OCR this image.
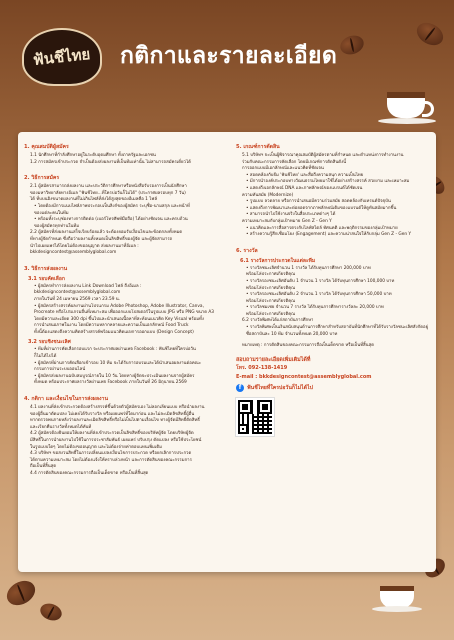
ฟันชีไทย กติกาและรายละเอียด
1. คุณสมบัติผู้สมัคร
1.1 นักศึกษาที่กำลังศึกษาอยู่ในระดับอุดมศึกษา ทั้งภาครัฐและเอกชน
1.2 การสมัครเข้าประกวด จำเป็นต้องส่งผลงานที่เป็นทีมเท่านั้น ไม่สามารถสมัครเดี่ยวได้
2. วิธีการสมัคร
2.1 ผู้สมัครสามารถส่งผลงาน และประวัติการศึกษาหรือหนังสือรับรองการเป็นนักศึกษา
ของมหาวิทยาลัยทางอีเมล "ฟันชีไทย...ที่ใครบ่อวันก็ไม่ได้" (ประกาศผลรอบทุก 7 วัน)
ได้ ที่บบนอิงขนาดผลงานที่ไม่เกินไฟล์ที่ส่งได้สูงสุดของอีเมลคือ 1 ไฟล์
• โดยต้องมีการแนบไฟล์ภาพประกอบเป็นลิงก์ของผู้สมัคร ระบุชื่อ-นามสกุล และหน้าที่
ของแต่ละคนในทีม
• พร้อมทั้งระบุช่องทางการติดต่อ (เบอร์โทรศัพท์มือถือ) ได้อย่างชัดเจน และครบถ้วน
ของผู้สมัครทุกท่านในทีม
2.2 ผู้สมัครที่ส่งผลงานเสร็จเรียบร้อยแล้ว จะต้องยอมรับเงื่อนไขและข้อตกลงทั้งหมด
ที่ทางผู้จัดกำหนด ซึ่งถือว่าผลงานทั้งหมดเป็นลิขสิทธิ์ของผู้จัด และผู้จัดสามารถ
นำไปเผยแพร่ได้โดยไม่ต้องขออนุญาต ส่งผลงานมาที่อีเมล : bkkdesigncontest@assemblyglobal.com
3. วิธีการส่งผลงาน
3.1 รอบคัดเลือก
• ผู้สมัครทำการส่งผลงาน Link Download ไฟล์ ถึงอีเมล : bkkdesigncontest@assemblyglobal.com
ภายในวันที่ 24 เมษายน 2569 เวลา 23.59 น.
• ผู้สมัครสร้างสรรค์ผลงานผ่านโปรแกรม Adobe Photoshop, Adobe Illustrator, Canva,
Procreate หรือโปรแกรมอื่นที่เหมาะสม เพื่อออกแบบโปสเตอร์ในรูปแบบ JPG หรือ PNG ขนาด A3
โดยมีความละเอียด 300 dpi ขึ้นไปและนำเสนอเนื้อหาที่สะท้อนแนวคิด Key Visual พร้อมทั้ง
การนำเสนอภาพในงาน โดยมีความหลากหลายและความเป็นเอกลักษณ์ Food Truck
ทั้งนี้ต้องแสดงถึงความคิดสร้างสรรค์พร้อมแนวคิดแฝงการออกแบบ (Design Concept)
3.2 รอบชิงชนะเลิศ
• ทีมที่ผ่านการคัดเลือกรอบแรก จะประกาศผลผ่านเพจ Facebook : ฟันชีไทยที่ใครบ่อวัน
ก็ไม่ได้ไปได้
• ผู้สมัครที่ผ่านการคัดเลือกเข้ารอบ 10 ทีม จะได้รับการอบรมและได้นำเสนอผลงานต่อคณะ
กรรมการผ่านระบบออนไลน์
• ผู้สมัครส่งผลงานฉบับสมบูรณ์ภายใน 10 วัน โดยทางผู้จัดจะประเมินผลงานจากผู้สมัคร
ทั้งหมด พร้อมประกาศผลรางวัลผ่านเพจ Facebook ภายในวันที่ 26 มิถุนายน 2569
4. กติกา และเงื่อนไขในการส่งผลงาน
4.1 ผลงานที่ส่งเข้าประกวดต้องสร้างสรรค์ขึ้นด้วยตัวผู้สมัครเอง ไม่ลอกเลียนแบบ หรือนำผลงาน
ของผู้อื่นมาดัดแปลง ไม่เคยได้รับรางวัล หรือเผยแพร่ที่ใดมาก่อน และไม่ละเมิดลิขสิทธิ์ผู้อื่น
หากตรวจพบภายหลังว่าผลงานละเมิดลิขสิทธิ์หรือไม่เป็นไปตามเงื่อนไข ทางผู้จัดมีสิทธิ์ตัดสิทธิ์
และเรียกคืนรางวัลทั้งหมดได้ทันที
4.2 ผู้สมัครต้องยินยอมให้ผลงานที่ส่งเข้าประกวดเป็นลิขสิทธิ์ของบริษัทผู้จัด โดยบริษัทผู้จัด
มีสิทธิ์ในการนำผลงานไปใช้ในการประชาสัมพันธ์ เผยแพร่ ปรับปรุง ดัดแปลง หรือใช้ประโยชน์
ในรูปแบบใดๆ โดยไม่ต้องขออนุญาต และไม่ต้องจ่ายค่าตอบแทนเพิ่มเติม
4.3 บริษัทฯ ขอสงวนสิทธิ์ในการเปลี่ยนแปลงเงื่อนไขการประกวด หรือยกเลิกการประกวด
ได้ตามความเหมาะสม โดยไม่ต้องแจ้งให้ทราบล่วงหน้า และการตัดสินของคณะกรรมการ
ถือเป็นที่สิ้นสุด
4.4 การตัดสินของคณะกรรมการถือเป็นเด็ดขาด หรือเป็นที่สิ้นสุด
5. เกณฑ์การตัดสิน
5.1 บริษัทฯ จะเป็นผู้พิจารณาคุณสมบัติผู้สมัครตามที่กำหนด และตำแหน่งการทำงานงาน
ร่วมกับคณะกรรมการคัดเลือก โดยมีเกณฑ์การตัดสินดังนี้
การออกแบบมีเอกลักษณ์และแนวคิดที่ชัดเจน
• สอดคล้องกับธีม 'ฟันชีไทย' และสื่อถึงความสนุก ความเป็นไทย
• มีการนำองค์ประกอบทางวัฒนธรรมไทยมาใช้ได้อย่างสร้างสรรค์ สวยงาม และเหมาะสม
• แสดงถึงเอกลักษณ์ DNA และภาพลักษณ์ของแบรนด์ได้ชัดเจน
ความทันสมัย (Modernize)
• รูปแบบ ลวดลาย หรือการนำเสนอมีความร่วมสมัย สอดคล้องกับเทรนด์ปัจจุบัน
• แสดงถึงการพัฒนาและต่อยอดจากภาพลักษณ์เดิมของแบรนด์ให้ดูทันสมัยมากขึ้น
• สามารถนำไปใช้งานจริงในสื่อประเภทต่างๆ ได้
ความเหมาะสมกับกลุ่มเป้าหมาย Gen Z - Gen Y
• แนวคิดและการสื่อสารตรงกับไลฟ์สไตล์ ทัศนคติ และพฤติกรรมของกลุ่มเป้าหมาย
• สร้างความรู้สึกเชื่อมโยง (Engagement) และความน่าสนใจให้กับกลุ่ม Gen Z - Gen Y
6. รางวัล
6.1 รางวัลการประกวดในแต่ละทีม
• รางวัลชนะเลิศจำนวน 1 รางวัล ได้รับทุนการศึกษา 200,000 บาท
พร้อมโล่ประกาศเกียรติคุณ
• รางวัลรองชนะเลิศอันดับ 1 จำนวน 1 รางวัล ได้รับทุนการศึกษา 100,000 บาท
พร้อมโล่ประกาศเกียรติคุณ
• รางวัลรองชนะเลิศอันดับ 2 จำนวน 1 รางวัล ได้รับทุนการศึกษา 50,000 บาท
พร้อมโล่ประกาศเกียรติคุณ
• รางวัลชมเชย จำนวน 7 รางวัล ได้รับทุนการศึกษารางวัลละ 20,000 บาท
พร้อมโล่ประกาศเกียรติคุณ
6.2 รางวัลพิเศษได้แก่สถาบันการศึกษา
• รางวัลพิเศษเป็นเงินสนับสนุนด้านการศึกษาสำหรับสถาบันที่นักศึกษาที่ได้รับรางวัลชนะเลิศสังกัดอยู่
ชื่อสถาบันละ 10 ทีม จำนวนทั้งหมด 20,000 บาท
หมายเหตุ : การตัดสินของคณะกรรมการถือเป็นเด็ดขาด หรือเป็นที่สิ้นสุด
สอบถามรายละเอียดเพิ่มเติมได้ที่
โทร. 092-138-1419
E-mail : bkkdesigncontest@assemblyglobal.com
f	ฟันชีไทยที่ใครบ่อวันก็ไม่ได้ไป
